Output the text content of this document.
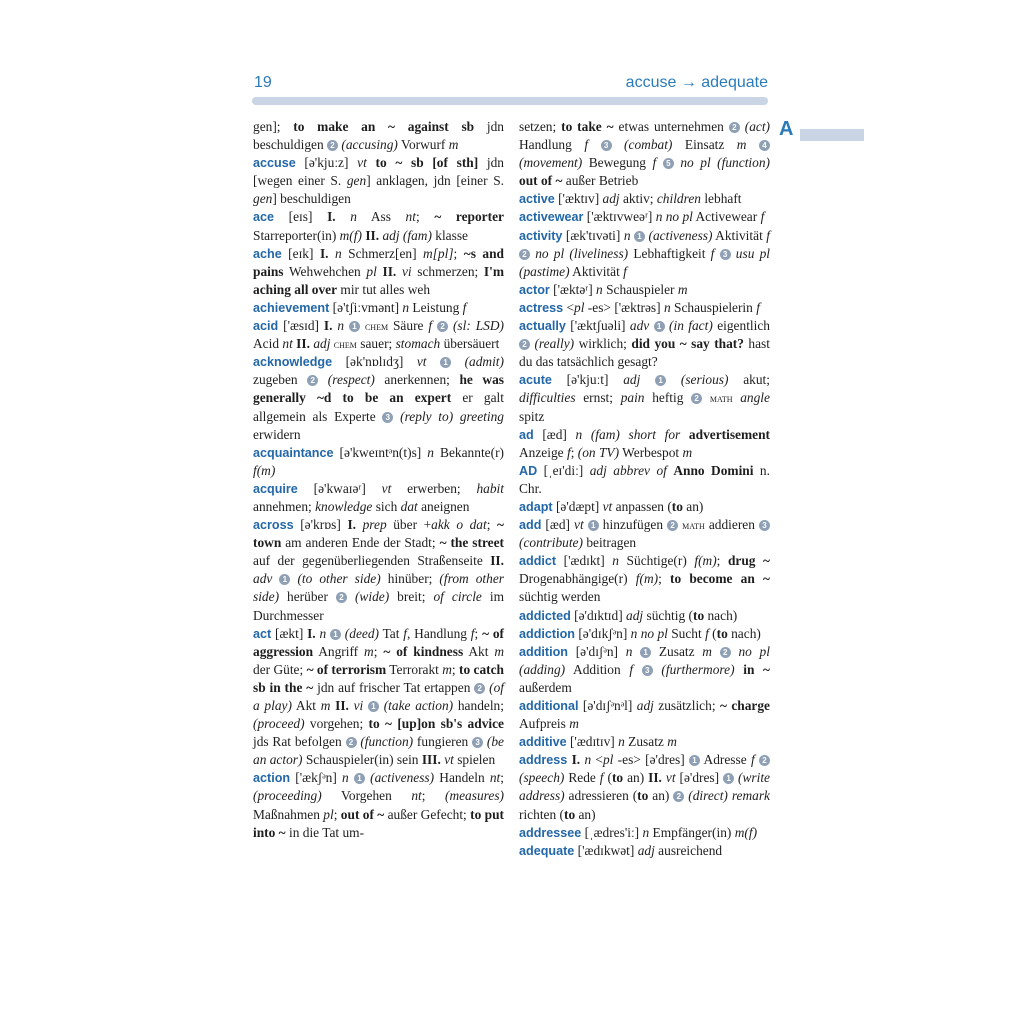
19	accuse → adequate
A

gen]; to make an ~ against sb jdn beschuldigen 2 (accusing) Vorwurf m

accuse [ə'kjuːz] vt to ~ sb [of sth] jdn [wegen einer S. gen] anklagen, jdn [einer S. gen] beschuldigen

ace [eɪs] I. n Ass nt; ~ reporter Starreporter(in) m(f) II. adj (fam) klasse

ache [eɪk] I. n Schmerz[en] m[pl]; ~s and pains Wehwehchen pl II. vi schmerzen; I'm aching all over mir tut alles weh

achievement [ə'tʃiːvmənt] n Leistung f

acid ['æsɪd] I. n 1 chem Säure f 2 (sl: LSD) Acid nt II. adj chem sauer; stomach übersäuert

acknowledge [ək'nɒlɪdʒ] vt 1 (admit) zugeben 2 (respect) anerkennen; he was generally ~d to be an expert er galt allgemein als Experte 3 (reply to) greeting erwidern

acquaintance [ə'kweɪntᵊn(t)s] n Bekannte(r) f(m)

acquire [ə'kwaɪəʳ] vt erwerben; habit annehmen; knowledge sich dat aneignen

across [ə'krɒs] I. prep über +akk o dat; ~ town am anderen Ende der Stadt; ~ the street auf der gegenüberliegenden Straßenseite II. adv 1 (to other side) hinüber; (from other side) herüber 2 (wide) breit; of circle im Durchmesser

act [ækt] I. n 1 (deed) Tat f, Handlung f; ~ of aggression Angriff m; ~ of kindness Akt m der Güte; ~ of terrorism Terrorakt m; to catch sb in the ~ jdn auf frischer Tat ertappen 2 (of a play) Akt m II. vi 1 (take action) handeln; (proceed) vorgehen; to ~ [up]on sb's advice jds Rat befolgen 2 (function) fungieren 3 (be an actor) Schauspieler(in) sein III. vt spielen

action ['ækʃᵊn] n 1 (activeness) Handeln nt; (proceeding) Vorgehen nt; (measures) Maßnahmen pl; out of ~ außer Gefecht; to put into ~ in die Tat um-

setzen; to take ~ etwas unternehmen 2 (act) Handlung f 3 (combat) Einsatz m 4 (movement) Bewegung f 5 no pl (function) out of ~ außer Betrieb

active ['æktɪv] adj aktiv; children lebhaft

activewear ['æktɪvweəʳ] n no pl Activewear f

activity [æk'tɪvəti] n 1 (activeness) Aktivität f 2 no pl (liveliness) Lebhaftigkeit f 3 usu pl (pastime) Aktivität f

actor ['æktəʳ] n Schauspieler m

actress <pl -es> ['æktrəs] n Schauspielerin f

actually ['æktʃuəli] adv 1 (in fact) eigentlich 2 (really) wirklich; did you ~ say that? hast du das tatsächlich gesagt?

acute [ə'kjuːt] adj 1 (serious) akut; difficulties ernst; pain heftig 2 math angle spitz

ad [æd] n (fam) short for advertisement Anzeige f; (on TV) Werbespot m

AD [ˌeɪ'diː] adj abbrev of Anno Domini n. Chr.

adapt [ə'dæpt] vt anpassen (to an)

add [æd] vt 1 hinzufügen 2 math addieren 3 (contribute) beitragen

addict ['ædɪkt] n Süchtige(r) f(m); drug ~ Drogenabhängige(r) f(m); to become an ~ süchtig werden

addicted [ə'dɪktɪd] adj süchtig (to nach)

addiction [ə'dɪkʃᵊn] n no pl Sucht f (to nach)

addition [ə'dɪʃᵊn] n 1 Zusatz m 2 no pl (adding) Addition f 3 (furthermore) in ~ außerdem

additional [ə'dɪʃᵊnᵊl] adj zusätzlich; ~ charge Aufpreis m

additive ['ædɪtɪv] n Zusatz m

address I. n <pl -es> [ə'dres] 1 Adresse f 2 (speech) Rede f (to an) II. vt [ə'dres] 1 (write address) adressieren (to an) 2 (direct) remark richten (to an)

addressee [ˌædres'iː] n Empfänger(in) m(f)

adequate ['ædɪkwət] adj ausreichend
